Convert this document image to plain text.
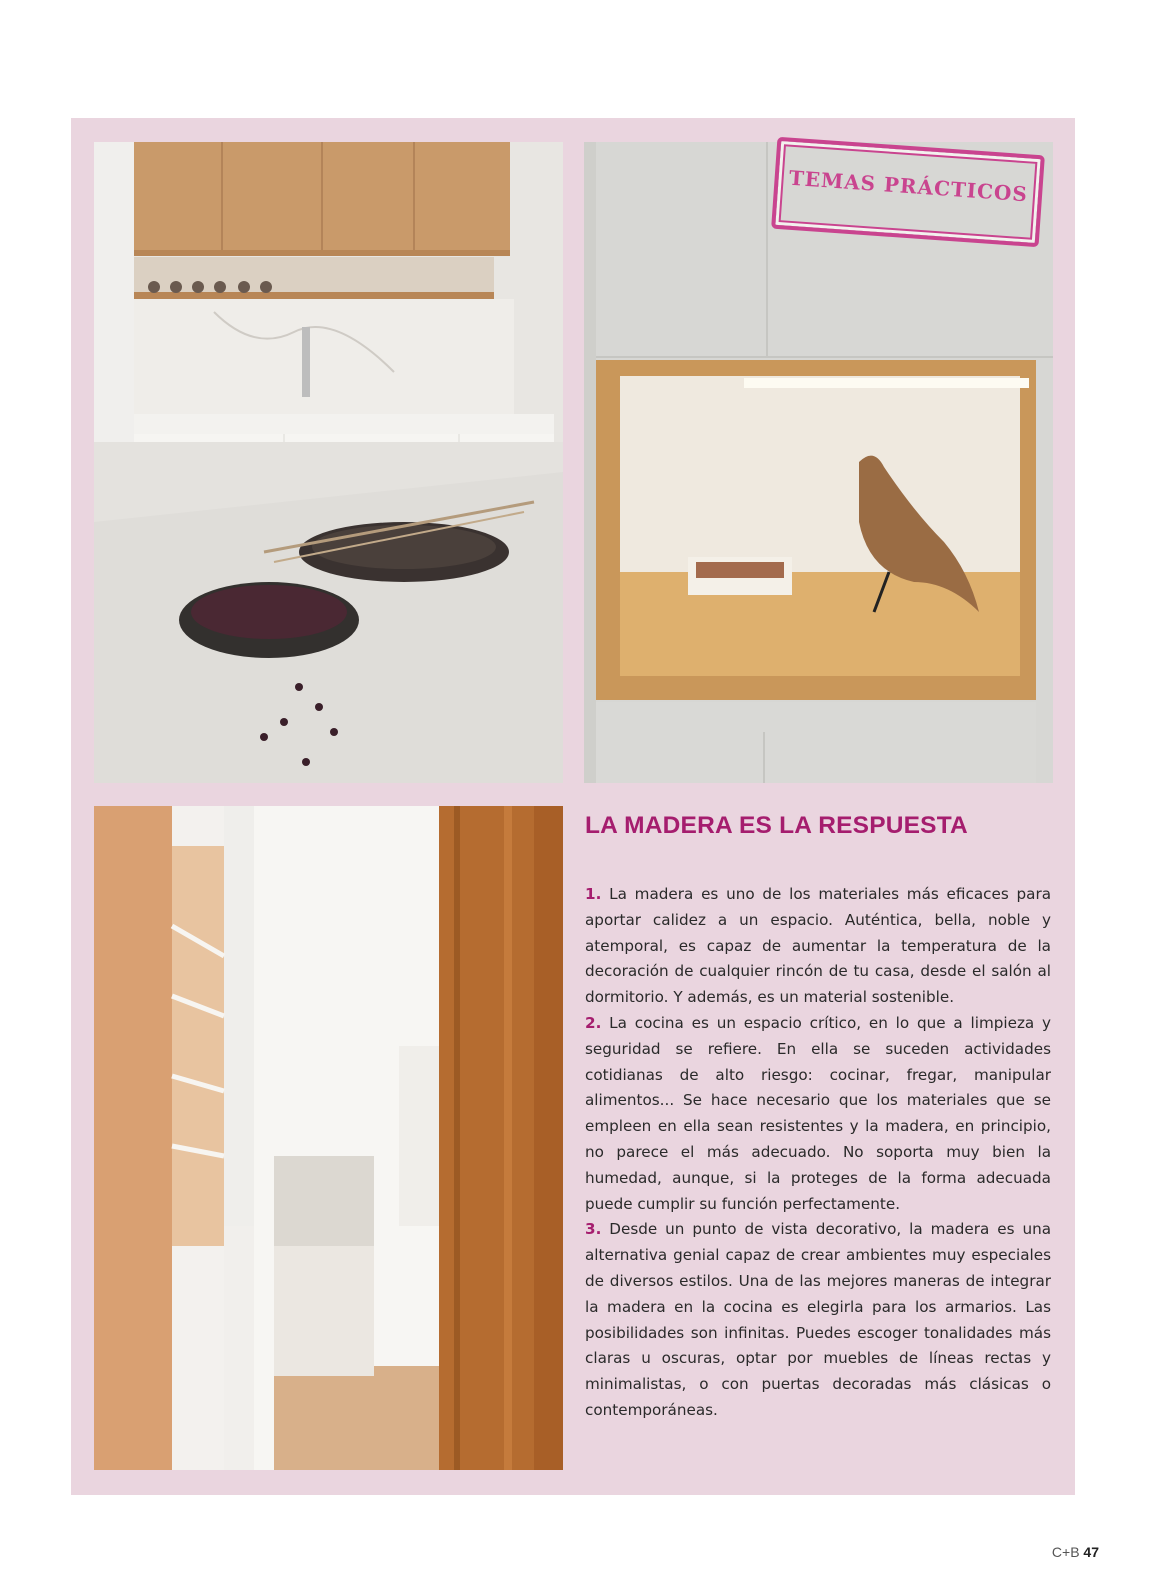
TEMAS PRÁCTICOS
LA MADERA ES LA RESPUESTA

1. La madera es uno de los materiales más eficaces para aportar calidez a un espacio. Auténtica, bella, noble y atemporal, es capaz de aumentar la temperatura de la decoración de cualquier rincón de tu casa, desde el salón al dormitorio. Y además, es un material sostenible.

2. La cocina es un espacio crítico, en lo que a limpieza y seguridad se refiere. En ella se suceden actividades cotidianas de alto riesgo: cocinar, fregar, manipular alimentos... Se hace necesario que los materiales que se empleen en ella sean resistentes y la madera, en principio, no parece el más adecuado. No soporta muy bien la humedad, aunque, si la proteges de la forma adecuada puede cumplir su función perfectamente.

3. Desde un punto de vista decorativo, la madera es una alternativa genial capaz de crear ambientes muy especiales de diversos estilos. Una de las mejores maneras de integrar la madera en la cocina es elegirla para los armarios. Las posibilidades son infinitas. Puedes escoger tonalidades más claras u oscuras, optar por muebles de líneas rectas y minimalistas, o con puertas decoradas más clásicas o contemporáneas.

C+B 47
